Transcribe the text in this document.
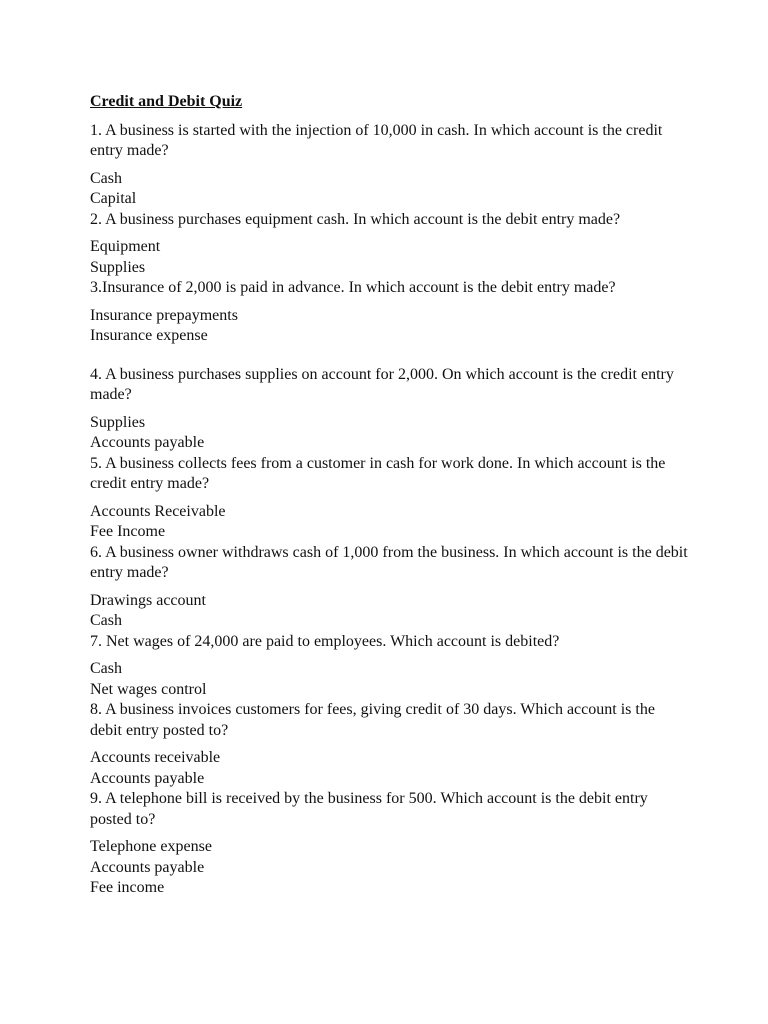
Credit and Debit Quiz

1. A business is started with the injection of 10,000 in cash. In which account is the credit entry made?

Cash
Capital

2. A business purchases equipment cash. In which account is the debit entry made?

Equipment
Supplies

3.Insurance of 2,000 is paid in advance. In which account is the debit entry made?

Insurance prepayments
Insurance expense

4. A business purchases supplies on account for 2,000. On which account is the credit entry made?

Supplies
Accounts payable

5. A business collects fees from a customer in cash for work done. In which account is the credit entry made?

Accounts Receivable
Fee Income

6. A business owner withdraws cash of 1,000 from the business. In which account is the debit entry made?

Drawings account
Cash

7. Net wages of 24,000 are paid to employees. Which account is debited?

Cash
Net wages control

8. A business invoices customers for fees, giving credit of 30 days. Which account is the debit entry posted to?

Accounts receivable
Accounts payable

9. A telephone bill is received by the business for 500. Which account is the debit entry posted to?

Telephone expense
Accounts payable
Fee income
